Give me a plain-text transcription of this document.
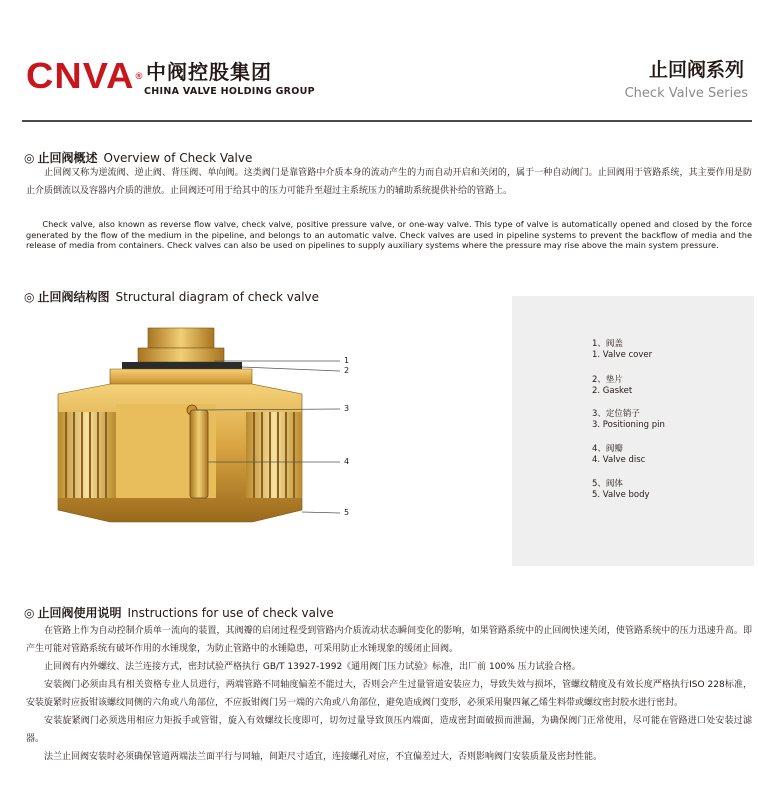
CNVA® 中阀控股集团
CHINA VALVE HOLDING GROUP
止回阀系列
Check Valve Series
◎ 止回阀概述 Overview of Check Valve
止回阀又称为逆流阀、逆止阀、背压阀、单向阀。这类阀门是靠管路中介质本身的流动产生的力而自动开启和关闭的，属于一种自动阀门。止回阀用于管路系统，其主要作用是防止介质倒流以及容器内介质的泄放。止回阀还可用于给其中的压力可能升至超过主系统压力的辅助系统提供补给的管路上。
Check valve, also known as reverse flow valve, check valve, positive pressure valve, or one-way valve. This type of valve is automatically opened and closed by the force generated by the flow of the medium in the pipeline, and belongs to an automatic valve. Check valves are used in pipeline systems to prevent the backflow of media and the release of media from containers. Check valves can also be used on pipelines to supply auxiliary systems where the pressure may rise above the main system pressure.
◎ 止回阀结构图 Structural diagram of check valve
1
2
3
4
5
1、阀盖
1. Valve cover
2、垫片
2. Gasket
3、定位销子
3. Positioning pin
4、阀瓣
4. Valve disc
5、阀体
5. Valve body
◎ 止回阀使用说明 Instructions for use of check valve

在管路上作为自动控制介质单一流向的装置，其阀瓣的启闭过程受到管路内介质流动状态瞬间变化的影响，如果管路系统中的止回阀快速关闭，使管路系统中的压力迅速升高。即产生可能对管路系统有破坏作用的水锤现象，为防止管路中的水锤隐患，可采用防止水锤现象的缓闭止回阀。

止回阀有内外螺纹、法兰连接方式，密封试验严格执行 GB/T 13927-1992《通用阀门压力试验》标准，出厂前 100% 压力试验合格。

安装阀门必须由具有相关资格专业人员进行，两端管路不同轴度偏差不能过大，否则会产生过量管道安装应力，导致失效与损坏，管螺纹精度及有效长度严格执行ISO 228标准，安装旋紧时应扳钳该螺纹同侧的六角或八角部位，不应扳钳阀门另一端的六角或八角部位，避免造成阀门变形，必须采用聚四氟乙烯生料带或螺纹密封胶水进行密封。

安装旋紧阀门必须选用相应力矩扳手或管钳，旋入有效螺纹长度即可，切勿过量导致顶压内端面，造成密封面破损而泄漏，为确保阀门正常使用，尽可能在管路进口处安装过滤器。

法兰止回阀安装时必须确保管道两端法兰面平行与同轴，间距尺寸适宜，连接螺孔对应，不宜偏差过大，否则影响阀门安装质量及密封性能。
